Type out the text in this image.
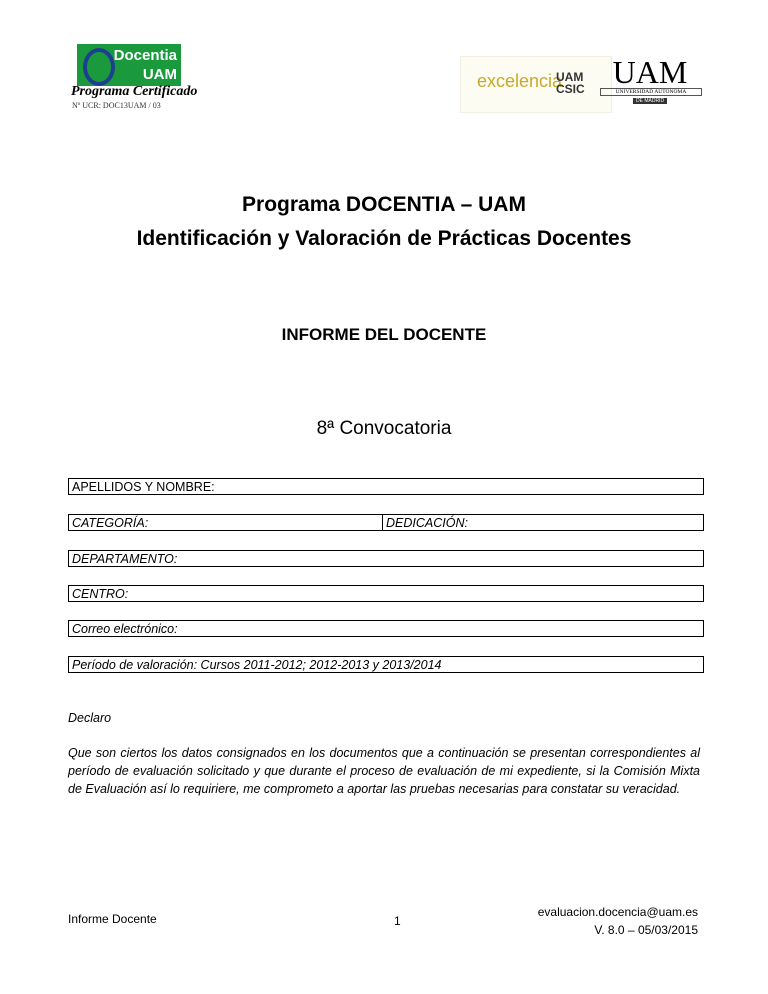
Docentia
UAM
Programa Certificado
Nº UCR: DOC13UAM / 03
excelencia
UAM
CSIC UAM
UNIVERSIDAD AUTONOMA
DE MADRID
Programa DOCENTIA – UAM
Identificación y Valoración de Prácticas Docentes
INFORME DEL DOCENTE
8ª Convocatoria
APELLIDOS Y NOMBRE:
CATEGORÍA:	DEDICACIÓN:
DEPARTAMENTO:
CENTRO:
Correo electrónico:
Período de valoración: Cursos 2011-2012; 2012-2013 y 2013/2014
Declaro
Que son ciertos los datos consignados en los documentos que a continuación se presentan correspondientes al período de evaluación solicitado y que durante el proceso de evaluación de mi expediente, si la Comisión Mixta de Evaluación así lo requiriere, me comprometo a aportar las pruebas necesarias para constatar su veracidad.
Informe Docente	1
evaluacion.docencia@uam.es
V. 8.0 – 05/03/2015
